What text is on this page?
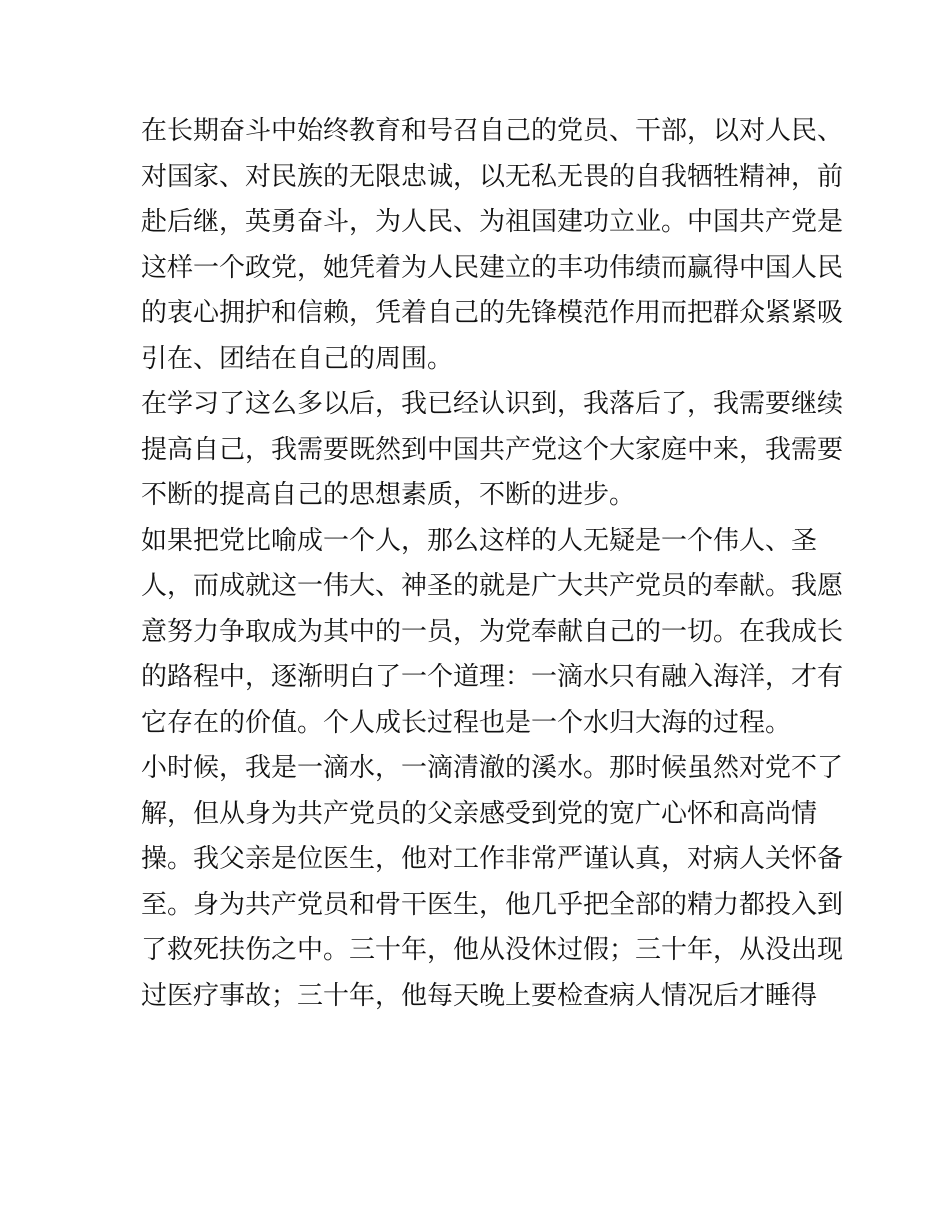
在长期奋斗中始终教育和号召自己的党员、干部，以对人民、
对国家、对民族的无限忠诚，以无私无畏的自我牺牲精神，前
赴后继，英勇奋斗，为人民、为祖国建功立业。中国共产党是
这样一个政党，她凭着为人民建立的丰功伟绩而赢得中国人民
的衷心拥护和信赖，凭着自己的先锋模范作用而把群众紧紧吸
引在、团结在自己的周围。
在学习了这么多以后，我已经认识到，我落后了，我需要继续
提高自己，我需要既然到中国共产党这个大家庭中来，我需要
不断的提高自己的思想素质，不断的进步。
如果把党比喻成一个人，那么这样的人无疑是一个伟人、圣
人，而成就这一伟大、神圣的就是广大共产党员的奉献。我愿
意努力争取成为其中的一员，为党奉献自己的一切。在我成长
的路程中，逐渐明白了一个道理：一滴水只有融入海洋，才有
它存在的价值。个人成长过程也是一个水归大海的过程。
小时候，我是一滴水，一滴清澈的溪水。那时候虽然对党不了
解，但从身为共产党员的父亲感受到党的宽广心怀和高尚情
操。我父亲是位医生，他对工作非常严谨认真，对病人关怀备
至。身为共产党员和骨干医生，他几乎把全部的精力都投入到
了救死扶伤之中。三十年，他从没休过假；三十年，从没出现
过医疗事故；三十年，他每天晚上要检查病人情况后才睡得
